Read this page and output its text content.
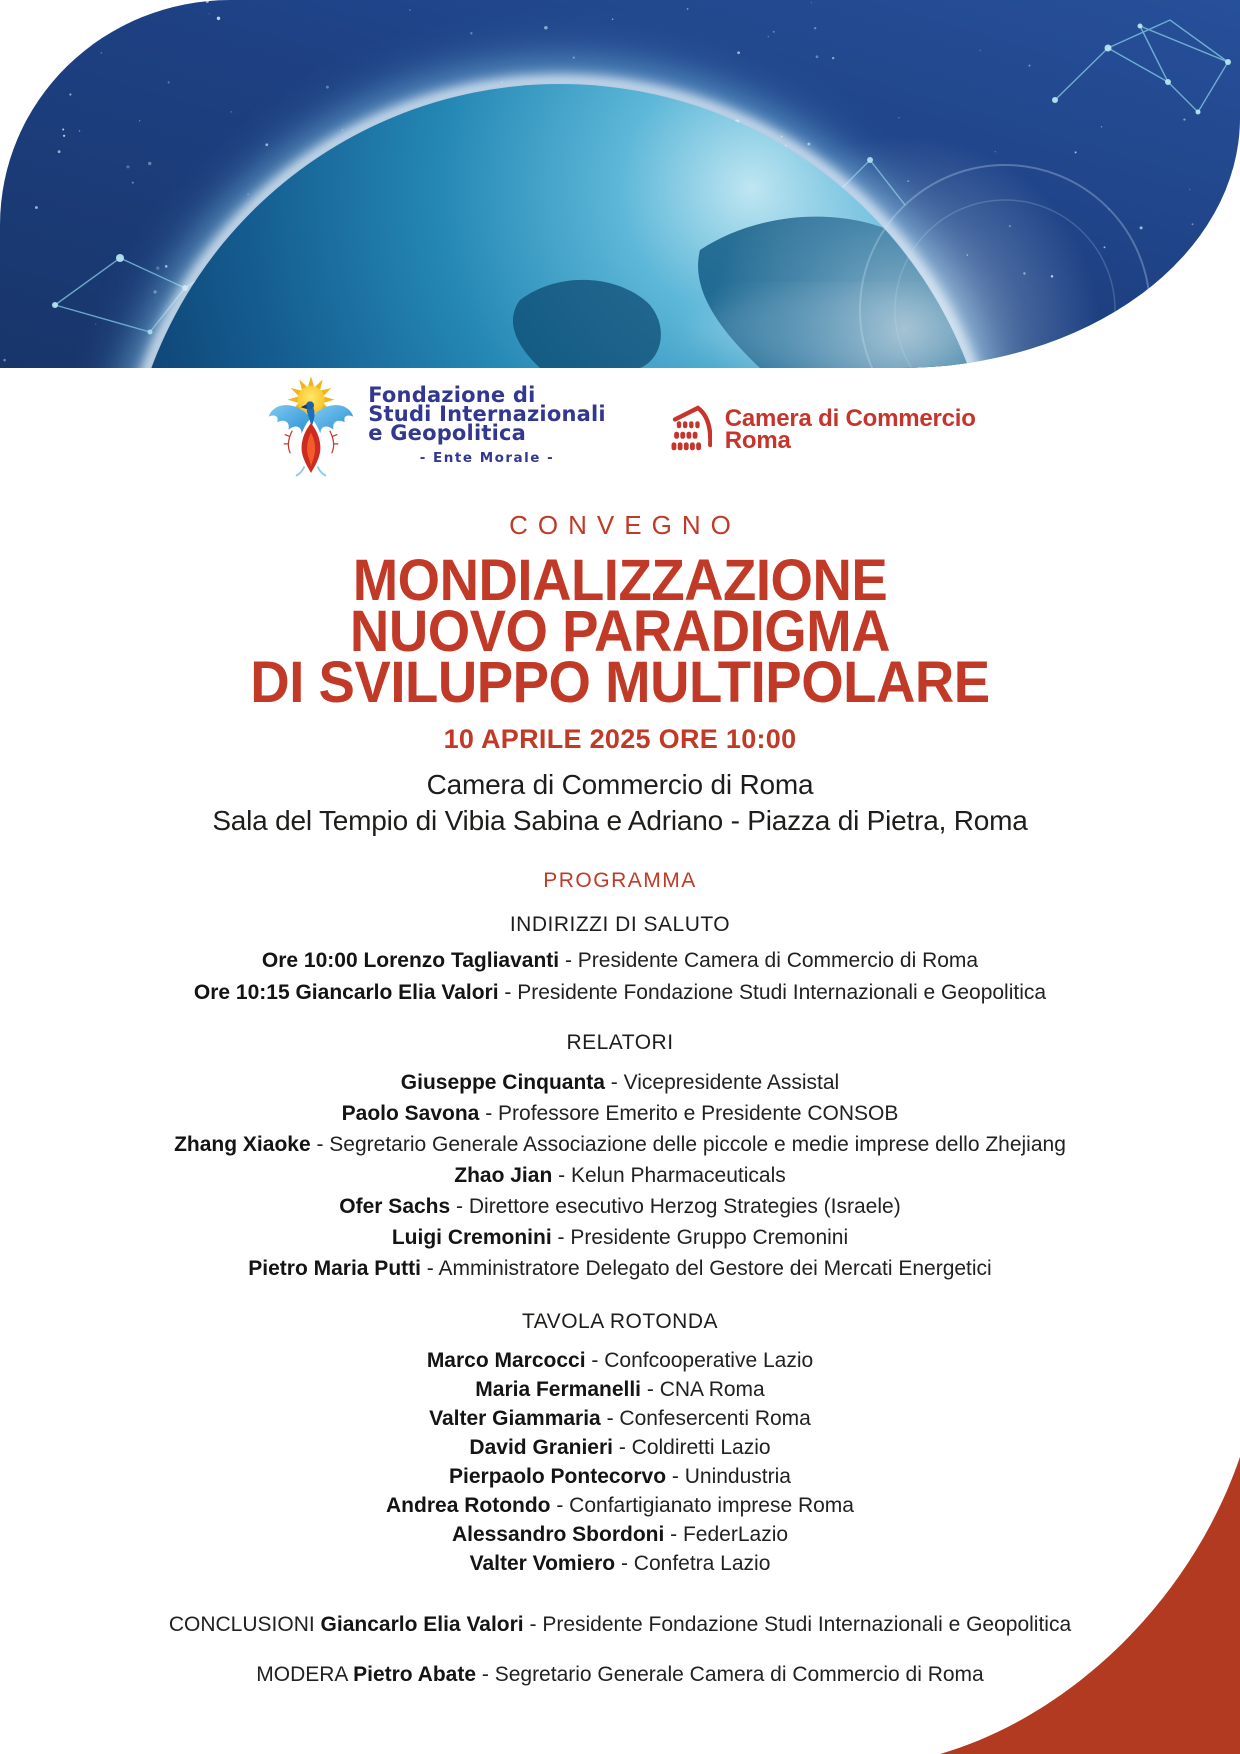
Fondazione di
Studi Internazionali
e Geopolitica
- Ente Morale -
Camera di Commercio
Roma
CONVEGNO
MONDIALIZZAZIONE
NUOVO PARADIGMA
DI SVILUPPO MULTIPOLARE
10 APRILE 2025 ORE 10:00
Camera di Commercio di Roma
Sala del Tempio di Vibia Sabina e Adriano - Piazza di Pietra, Roma
PROGRAMMA
INDIRIZZI DI SALUTO
Ore 10:00 Lorenzo Tagliavanti - Presidente Camera di Commercio di Roma
Ore 10:15 Giancarlo Elia Valori - Presidente Fondazione Studi Internazionali e Geopolitica
RELATORI
Giuseppe Cinquanta - Vicepresidente Assistal
Paolo Savona - Professore Emerito e Presidente CONSOB
Zhang Xiaoke - Segretario Generale Associazione delle piccole e medie imprese dello Zhejiang
Zhao Jian - Kelun Pharmaceuticals
Ofer Sachs - Direttore esecutivo Herzog Strategies (Israele)
Luigi Cremonini - Presidente Gruppo Cremonini
Pietro Maria Putti - Amministratore Delegato del Gestore dei Mercati Energetici
TAVOLA ROTONDA
Marco Marcocci - Confcooperative Lazio
Maria Fermanelli - CNA Roma
Valter Giammaria - Confesercenti Roma
David Granieri - Coldiretti Lazio
Pierpaolo Pontecorvo - Unindustria
Andrea Rotondo - Confartigianato imprese Roma
Alessandro Sbordoni - FederLazio
Valter Vomiero - Confetra Lazio
CONCLUSIONI Giancarlo Elia Valori - Presidente Fondazione Studi Internazionali e Geopolitica
MODERA Pietro Abate - Segretario Generale Camera di Commercio di Roma
